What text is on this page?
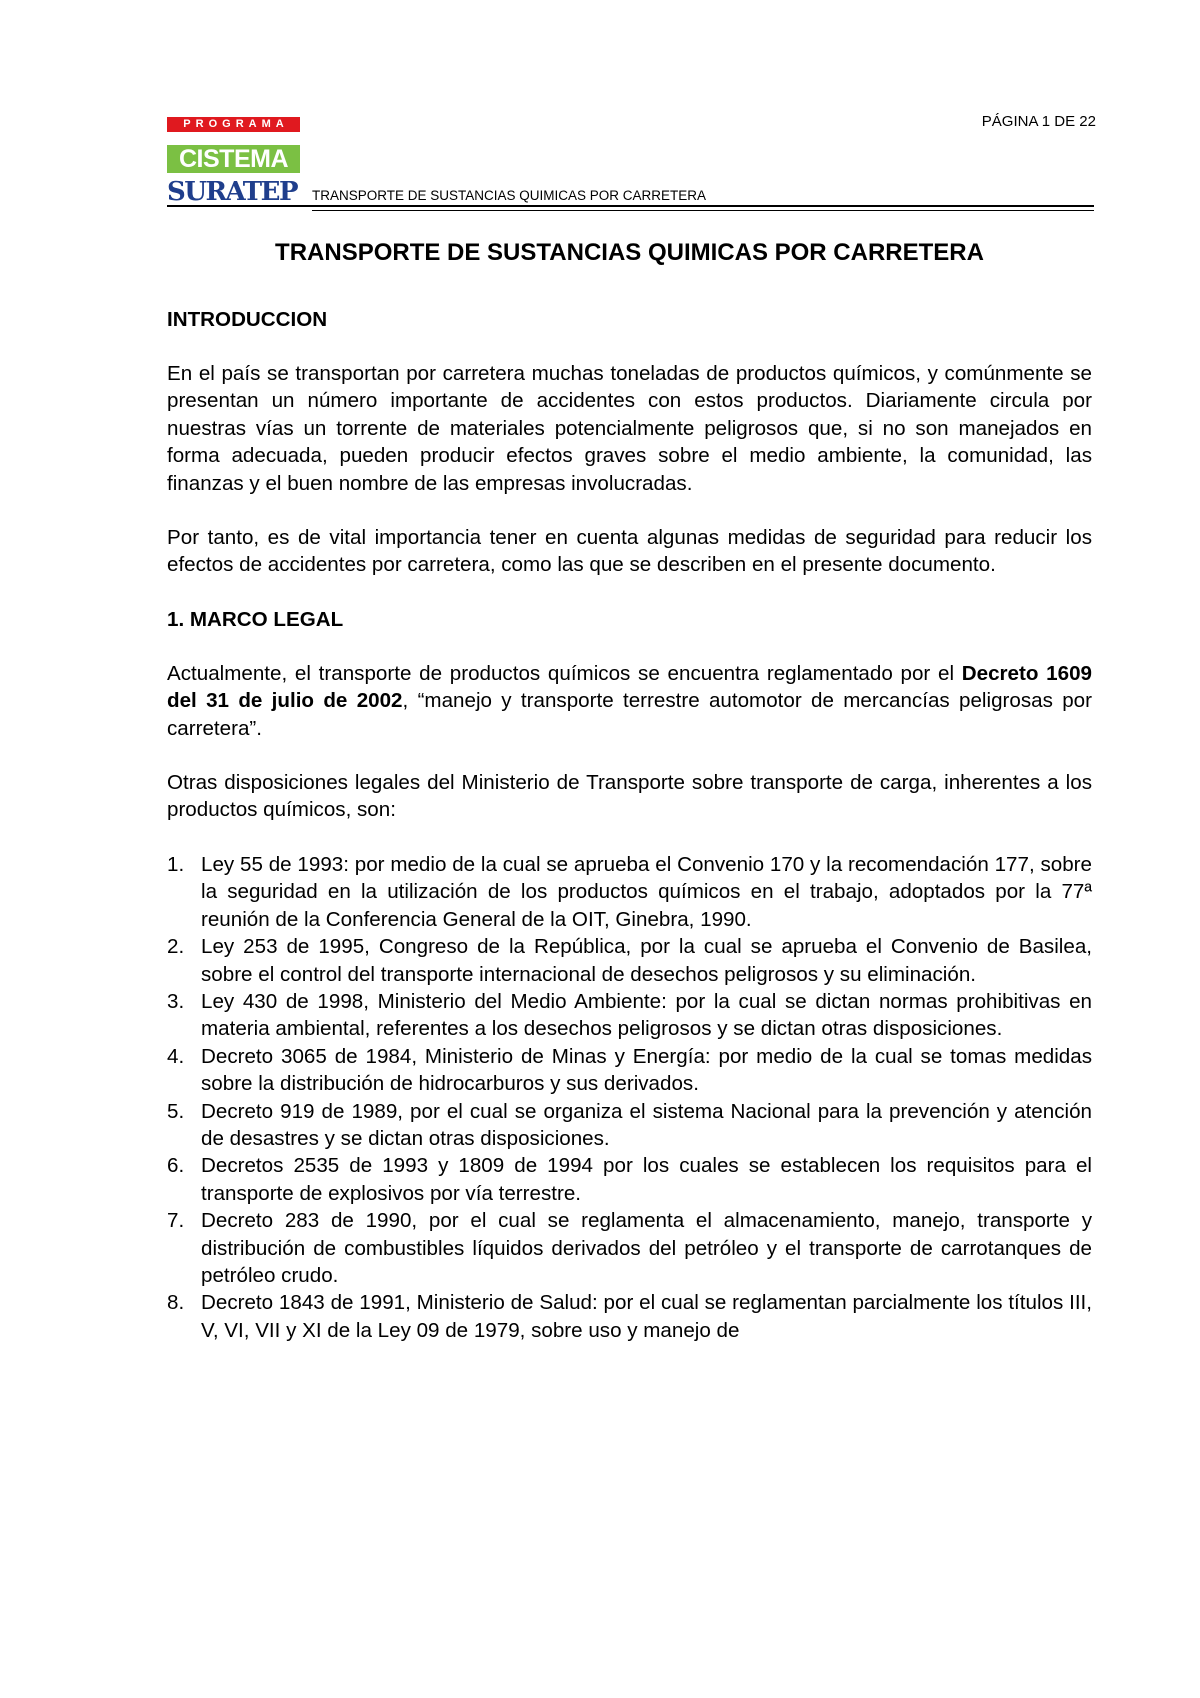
PÁGINA 1 DE 22
PROGRAMA
CISTEMA
SURATEP TRANSPORTE DE SUSTANCIAS QUIMICAS POR CARRETERA
TRANSPORTE DE SUSTANCIAS QUIMICAS POR CARRETERA
INTRODUCCION

En el país se transportan por carretera muchas toneladas de productos químicos, y comúnmente se presentan un número importante de accidentes con estos productos. Diariamente circula por nuestras vías un torrente de materiales potencialmente peligrosos que, si no son manejados en forma adecuada, pueden producir efectos graves sobre el medio ambiente, la comunidad, las finanzas y el buen nombre de las empresas involucradas.

Por tanto, es de vital importancia tener en cuenta algunas medidas de seguridad para reducir los efectos de accidentes por carretera, como las que se describen en el presente documento.

1. MARCO LEGAL

Actualmente, el transporte de productos químicos se encuentra reglamentado por el Decreto 1609 del 31 de julio de 2002, “manejo y transporte terrestre automotor de mercancías peligrosas por carretera”.

Otras disposiciones legales del Ministerio de Transporte sobre transporte de carga, inherentes a los productos químicos, son:

1. Ley 55 de 1993: por medio de la cual se aprueba el Convenio 170 y la recomendación 177, sobre la seguridad en la utilización de los productos químicos en el trabajo, adoptados por la 77ª reunión de la Conferencia General de la OIT, Ginebra, 1990.
2. Ley 253 de 1995, Congreso de la República, por la cual se aprueba el Convenio de Basilea, sobre el control del transporte internacional de desechos peligrosos y su eliminación.
3. Ley 430 de 1998, Ministerio del Medio Ambiente: por la cual se dictan normas prohibitivas en materia ambiental, referentes a los desechos peligrosos y se dictan otras disposiciones.
4. Decreto 3065 de 1984, Ministerio de Minas y Energía: por medio de la cual se tomas medidas sobre la distribución de hidrocarburos y sus derivados.
5. Decreto 919 de 1989, por el cual se organiza el sistema Nacional para la prevención y atención de desastres y se dictan otras disposiciones.
6. Decretos 2535 de 1993 y 1809 de 1994 por los cuales se establecen los requisitos para el transporte de explosivos por vía terrestre.
7. Decreto 283 de 1990, por el cual se reglamenta el almacenamiento, manejo, transporte y distribución de combustibles líquidos derivados del petróleo y el transporte de carrotanques de petróleo crudo.
8. Decreto 1843 de 1991, Ministerio de Salud: por el cual se reglamentan parcialmente los títulos III, V, VI, VII y XI de la Ley 09 de 1979, sobre uso y manejo de
